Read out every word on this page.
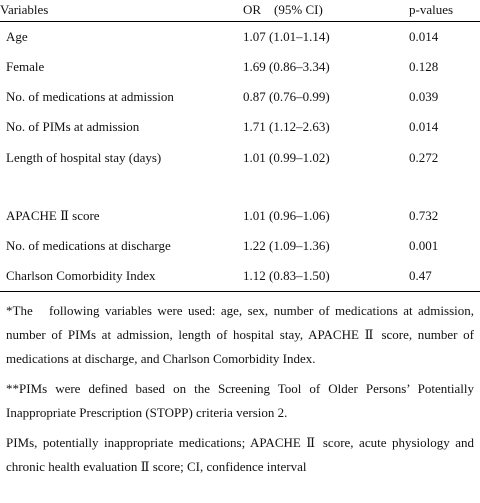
Variables	OR    (95% CI)	p-values
Age	1.07 (1.01–1.14)	0.014
Female	1.69 (0.86–3.34)	0.128
No. of medications at admission	0.87 (0.76–0.99)	0.039
No. of PIMs at admission	1.71 (1.12–2.63)	0.014
Length of hospital stay (days)	1.01 (0.99–1.02)	0.272

APACHE Ⅱ score	1.01 (0.96–1.06)	0.732
No. of medications at discharge	1.22 (1.09–1.36)	0.001
Charlson Comorbidity Index	1.12 (0.83–1.50)	0.47

*The   following variables were used: age, sex, number of medications at admission, number of PIMs at admission, length of hospital stay, APACHE Ⅱ score, number of medications at discharge, and Charlson Comorbidity Index.

**PIMs were defined based on the Screening Tool of Older Persons’ Potentially Inappropriate Prescription (STOPP) criteria version 2.

PIMs, potentially inappropriate medications; APACHE Ⅱ score, acute physiology and chronic health evaluation Ⅱ score; CI, confidence interval
